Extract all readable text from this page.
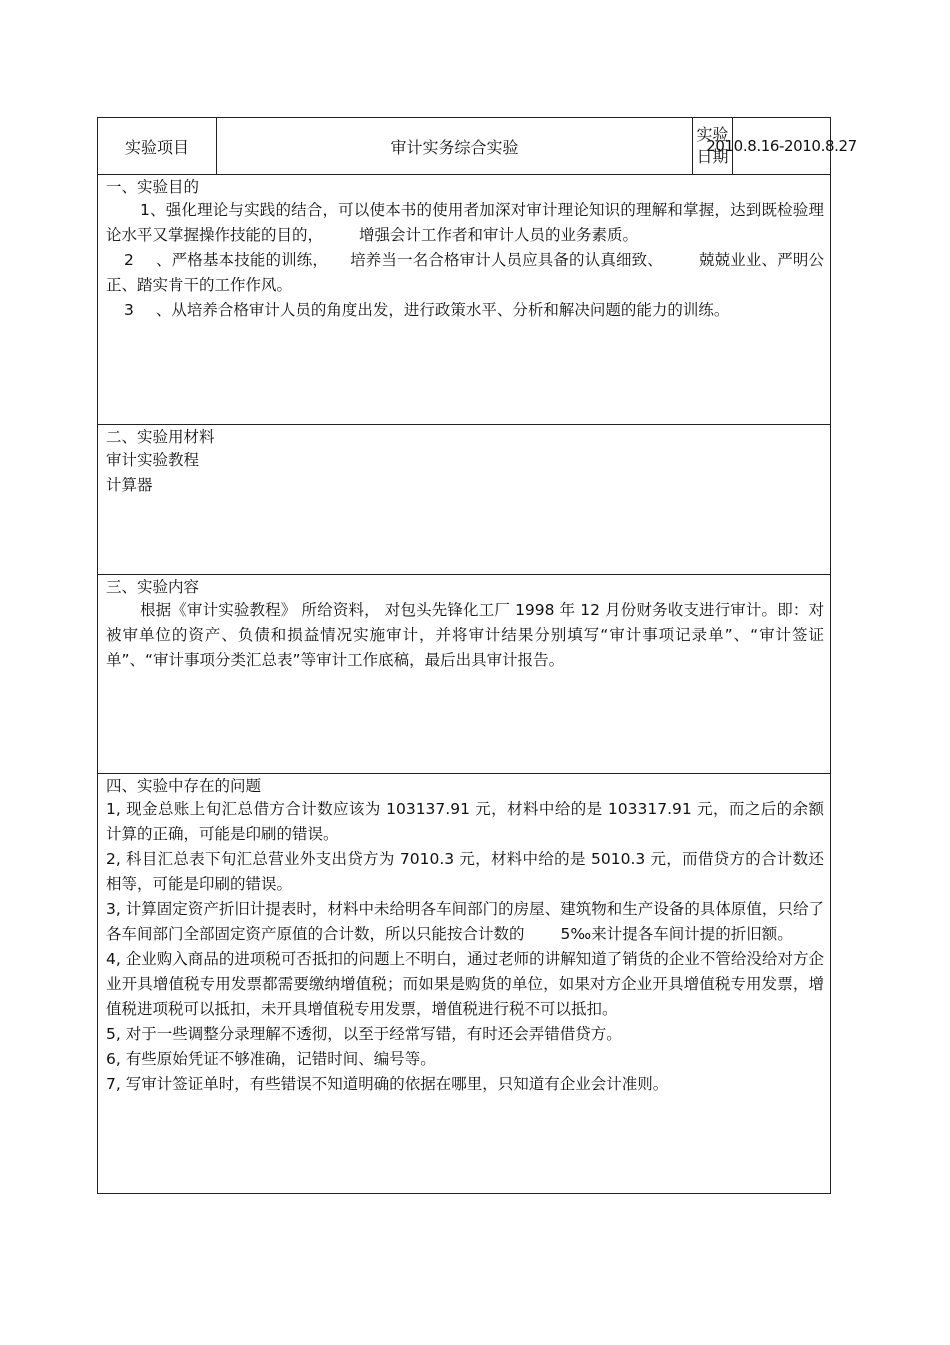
实验项目	审计实务综合实验
实验
日期
2010.8.16-2010.8.27
一、实验目的

1、强化理论与实践的结合，可以使本书的使用者加深对审计理论知识的理解和掌握，达到既检验理论水平又掌握操作技能的目的， 增强会计工作者和审计人员的业务素质。

2 、严格基本技能的训练， 培养当一名合格审计人员应具备的认真细致、 兢兢业业、严明公正、踏实肯干的工作作风。

3 、从培养合格审计人员的角度出发，进行政策水平、分析和解决问题的能力的训练。

二、实验用材料
审计实验教程
计算器
三、实验内容

根据《审计实验教程》 所给资料， 对包头先锋化工厂 1998 年 12 月份财务收支进行审计。即：对被审单位的资产、负债和损益情况实施审计，并将审计结果分别填写“审计事项记录单”、“审计签证单”、“审计事项分类汇总表”等审计工作底稿，最后出具审计报告。

四、实验中存在的问题

1, 现金总账上旬汇总借方合计数应该为 103137.91 元，材料中给的是 103317.91 元，而之后的余额计算的正确，可能是印刷的错误。

2, 科目汇总表下旬汇总营业外支出贷方为 7010.3 元，材料中给的是 5010.3 元，而借贷方的合计数还相等，可能是印刷的错误。

3, 计算固定资产折旧计提表时，材料中未给明各车间部门的房屋、建筑物和生产设备的具体原值，只给了各车间部门全部固定资产原值的合计数，所以只能按合计数的 5‰来计提各车间计提的折旧额。

4, 企业购入商品的进项税可否抵扣的问题上不明白，通过老师的讲解知道了销货的企业不管给没给对方企业开具增值税专用发票都需要缴纳增值税；而如果是购货的单位，如果对方企业开具增值税专用发票，增值税进项税可以抵扣，未开具增值税专用发票，增值税进行税不可以抵扣。

5, 对于一些调整分录理解不透彻，以至于经常写错，有时还会弄错借贷方。

6, 有些原始凭证不够准确，记错时间、编号等。

7, 写审计签证单时，有些错误不知道明确的依据在哪里，只知道有企业会计准则。
